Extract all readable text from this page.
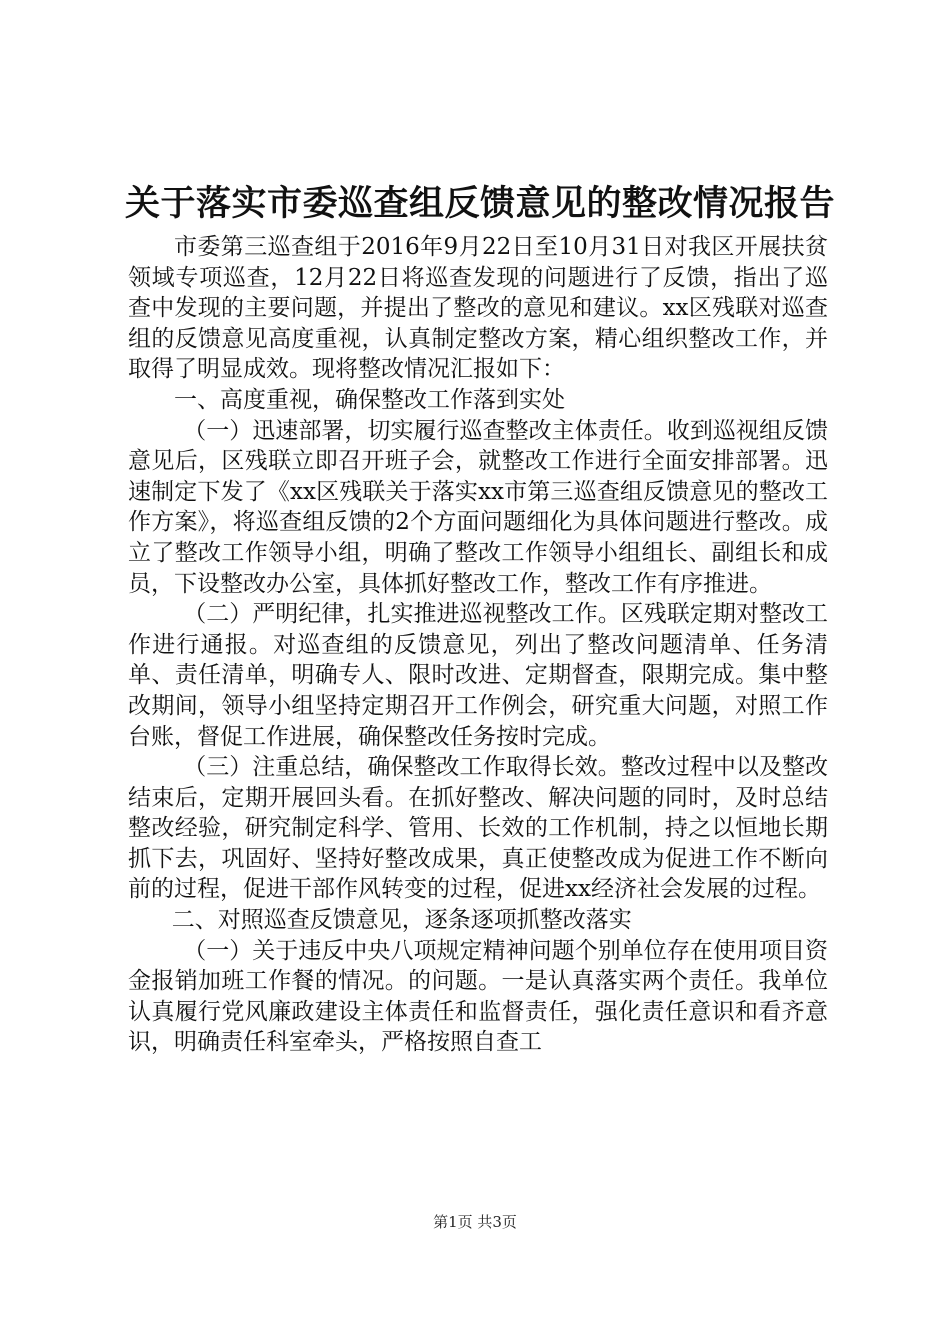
关于落实市委巡查组反馈意见的整改情况报告

市委第三巡查组于2016年9月22日至10月31日对我区开展扶贫领域专项巡查，12月22日将巡查发现的问题进行了反馈，指出了巡查中发现的主要问题，并提出了整改的意见和建议。xx区残联对巡查组的反馈意见高度重视，认真制定整改方案，精心组织整改工作，并取得了明显成效。现将整改情况汇报如下：

一、高度重视，确保整改工作落到实处

（一）迅速部署，切实履行巡查整改主体责任。收到巡视组反馈意见后，区残联立即召开班子会，就整改工作进行全面安排部署。迅速制定下发了《xx区残联关于落实xx市第三巡查组反馈意见的整改工作方案》，将巡查组反馈的2个方面问题细化为具体问题进行整改。成立了整改工作领导小组，明确了整改工作领导小组组长、副组长和成员，下设整改办公室，具体抓好整改工作，整改工作有序推进。

（二）严明纪律，扎实推进巡视整改工作。区残联定期对整改工作进行通报。对巡查组的反馈意见，列出了整改问题清单、任务清单、责任清单，明确专人、限时改进、定期督查，限期完成。集中整改期间，领导小组坚持定期召开工作例会，研究重大问题，对照工作台账，督促工作进展，确保整改任务按时完成。

（三）注重总结，确保整改工作取得长效。整改过程中以及整改结束后，定期开展回头看。在抓好整改、解决问题的同时，及时总结整改经验，研究制定科学、管用、长效的工作机制，持之以恒地长期抓下去，巩固好、坚持好整改成果，真正使整改成为促进工作不断向前的过程，促进干部作风转变的过程，促进xx经济社会发展的过程。

二、对照巡查反馈意见，逐条逐项抓整改落实

（一）关于违反中央八项规定精神问题个别单位存在使用项目资金报销加班工作餐的情况。的问题。一是认真落实两个责任。我单位认真履行党风廉政建设主体责任和监督责任，强化责任意识和看齐意识，明确责任科室牵头，严格按照自查工

第1页 共3页
